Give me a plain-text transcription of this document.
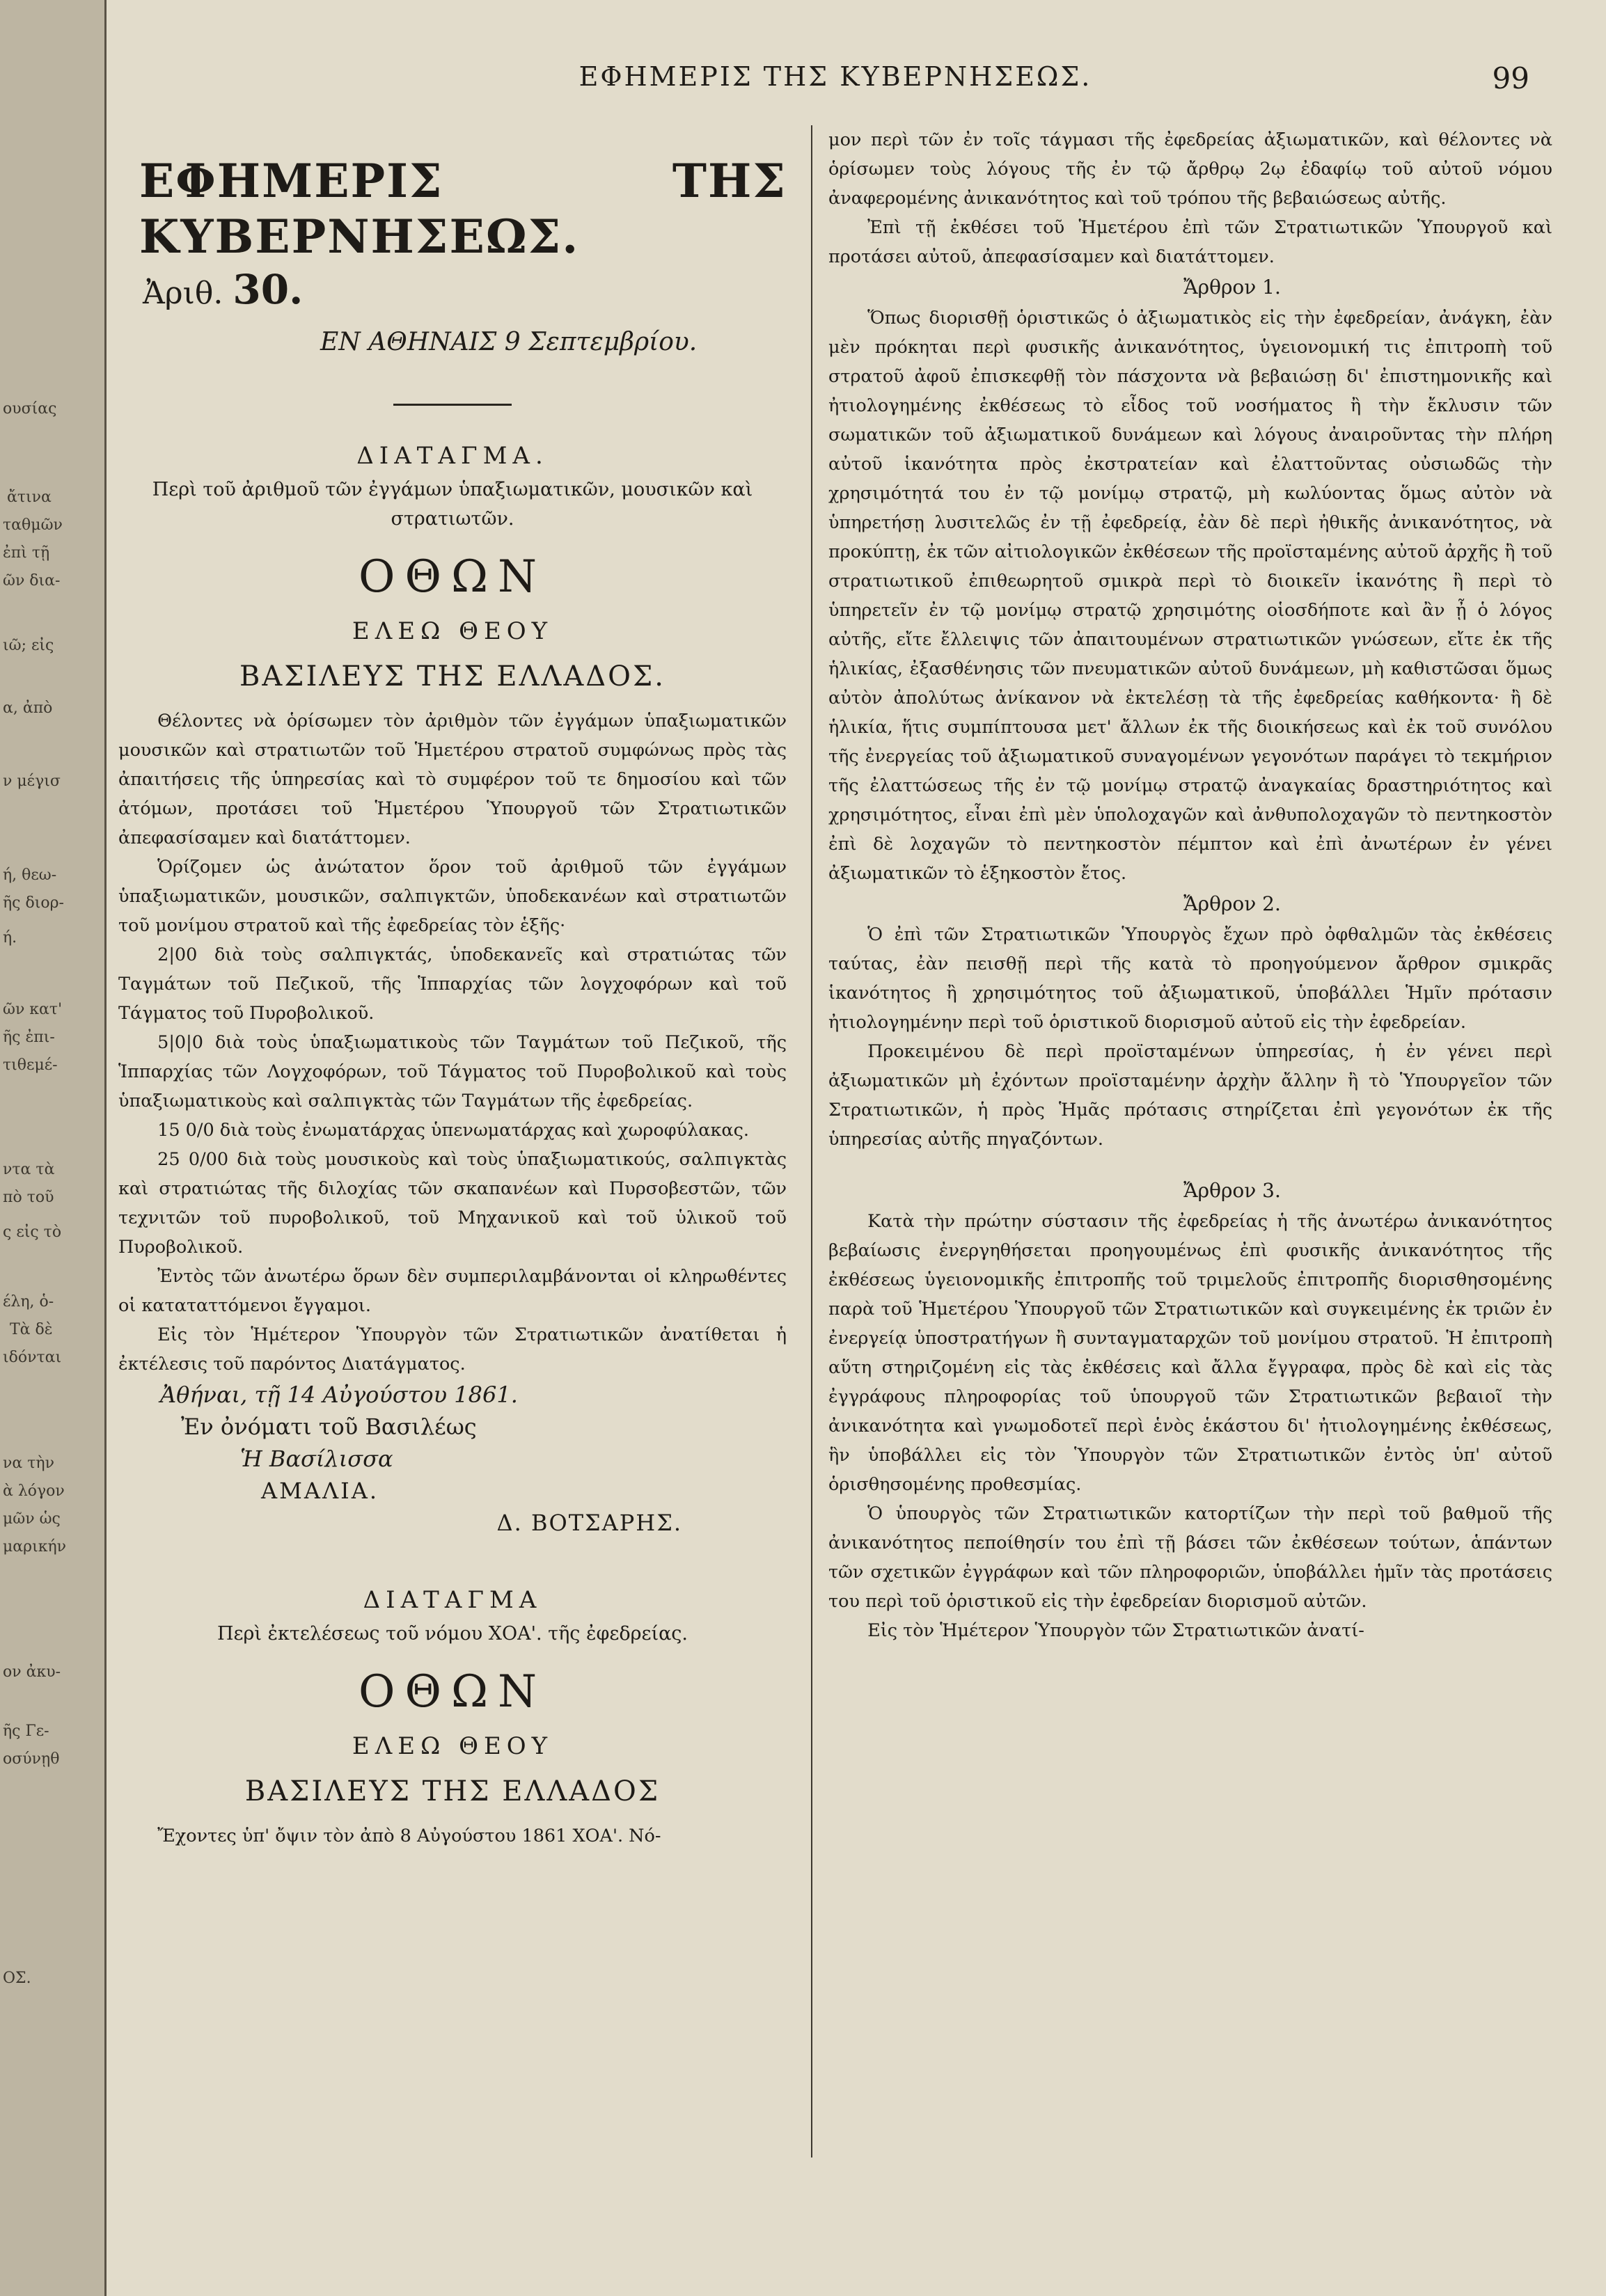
ουσίας
ἄτινα
ταθμῶν
ἐπὶ τῇ
ῶν δια-
ιῶ; εἰς
α, ἀπὸ
ν μέγισ
ή, θεω-
ῆς διορ-
ή.
ῶν κατ'
ῆς ἐπι-
τιθεμέ-
ντα τὰ
πὸ τοῦ
ς εἰς τὸ
έλη, ὁ-
Τὰ δὲ
ιδόνται
να τὴν
ὰ λόγον
μῶν ὡς
μαρικήν
ον ἀκυ-
ῆς Γε-
οσύνῃθ
ΟΣ.
ΕΦΗΜΕΡΙΣ ΤΗΣ ΚΥΒΕΡΝΗΣΕΩΣ.	99
ΕΦΗΜΕΡΙΣ ΤΗΣ ΚΥΒΕΡΝΗΣΕΩΣ.
Ἀριθ. 30.
ΕΝ ΑΘΗΝΑΙΣ 9 Σεπτεμβρίου.
ΔΙΑΤΑΓΜΑ.
Περὶ τοῦ ἀριθμοῦ τῶν ἐγγάμων ὑπαξιωματικῶν, μουσικῶν καὶ στρατιωτῶν.
ΟΘΩΝ
ΕΛΕΩ ΘΕΟΥ
ΒΑΣΙΛΕΥΣ ΤΗΣ ΕΛΛΑΔΟΣ.

Θέλοντες νὰ ὁρίσωμεν τὸν ἀριθμὸν τῶν ἐγγάμων ὑπαξιωματικῶν μουσικῶν καὶ στρατιωτῶν τοῦ Ἡμετέρου στρατοῦ συμφώνως πρὸς τὰς ἀπαιτήσεις τῆς ὑπηρεσίας καὶ τὸ συμφέρον τοῦ τε δημοσίου καὶ τῶν ἀτόμων, προτάσει τοῦ Ἡμετέρου Ὑπουργοῦ τῶν Στρατιωτικῶν ἀπεφασίσαμεν καὶ διατάττομεν.

Ὁρίζομεν ὡς ἀνώτατον ὅρον τοῦ ἀριθμοῦ τῶν ἐγγάμων ὑπαξιωματικῶν, μουσικῶν, σαλπιγκτῶν, ὑποδεκανέων καὶ στρατιωτῶν τοῦ μονίμου στρατοῦ καὶ τῆς ἐφεδρείας τὸν ἑξῆς·

2|00 διὰ τοὺς σαλπιγκτάς, ὑποδεκανεῖς καὶ στρατιώτας τῶν Ταγμάτων τοῦ Πεζικοῦ, τῆς Ἱππαρχίας τῶν λογχοφόρων καὶ τοῦ Τάγματος τοῦ Πυροβολικοῦ.

5|0|0 διὰ τοὺς ὑπαξιωματικοὺς τῶν Ταγμάτων τοῦ Πεζικοῦ, τῆς Ἱππαρχίας τῶν Λογχοφόρων, τοῦ Τάγματος τοῦ Πυροβολικοῦ καὶ τοὺς ὑπαξιωματικοὺς καὶ σαλπιγκτὰς τῶν Ταγμάτων τῆς ἐφεδρείας.

15 0/0 διὰ τοὺς ἐνωματάρχας ὑπενωματάρχας καὶ χωροφύλακας.

25 0/00 διὰ τοὺς μουσικοὺς καὶ τοὺς ὑπαξιωματικούς, σαλπιγκτὰς καὶ στρατιώτας τῆς διλοχίας τῶν σκαπανέων καὶ Πυρσοβεστῶν, τῶν τεχνιτῶν τοῦ πυροβολικοῦ, τοῦ Μηχανικοῦ καὶ τοῦ ὑλικοῦ τοῦ Πυροβολικοῦ.

Ἐντὸς τῶν ἀνωτέρω ὅρων δὲν συμπεριλαμβάνονται οἱ κληρωθέντες οἱ καταταττόμενοι ἔγγαμοι.

Εἰς τὸν Ἡμέτερον Ὑπουργὸν τῶν Στρατιωτικῶν ἀνατίθεται ἡ ἐκτέλεσις τοῦ παρόντος Διατάγματος.

Ἀθήναι, τῇ 14 Αὐγούστου 1861.
Ἐν ὀνόματι τοῦ Βασιλέως
Ἡ Βασίλισσα
ΑΜΑΛΙΑ.
Δ. ΒΟΤΣΑΡΗΣ.
ΔΙΑΤΑΓΜΑ
Περὶ ἐκτελέσεως τοῦ νόμου ΧΟΑ'. τῆς ἐφεδρείας.
ΟΘΩΝ
ΕΛΕΩ ΘΕΟΥ
ΒΑΣΙΛΕΥΣ ΤΗΣ ΕΛΛΑΔΟΣ

Ἔχοντες ὑπ' ὄψιν τὸν ἀπὸ 8 Αὐγούστου 1861 ΧΟΑ'. Νό-

μον περὶ τῶν ἐν τοῖς τάγμασι τῆς ἐφεδρείας ἀξιωματικῶν, καὶ θέλοντες νὰ ὁρίσωμεν τοὺς λόγους τῆς ἐν τῷ ἄρθρῳ 2ῳ ἐδαφίῳ τοῦ αὐτοῦ νόμου ἀναφερομένης ἀνικανότητος καὶ τοῦ τρόπου τῆς βεβαιώσεως αὐτῆς.

Ἐπὶ τῇ ἐκθέσει τοῦ Ἡμετέρου ἐπὶ τῶν Στρατιωτικῶν Ὑπουργοῦ καὶ προτάσει αὐτοῦ, ἀπεφασίσαμεν καὶ διατάττομεν.

Ἄρθρον 1.

Ὅπως διορισθῇ ὁριστικῶς ὁ ἀξιωματικὸς εἰς τὴν ἐφεδρείαν, ἀνάγκη, ἐὰν μὲν πρόκηται περὶ φυσικῆς ἀνικανότητος, ὑγειονομική τις ἐπιτροπὴ τοῦ στρατοῦ ἀφοῦ ἐπισκεφθῇ τὸν πάσχοντα νὰ βεβαιώσῃ δι' ἐπιστημονικῆς καὶ ἠτιολογημένης ἐκθέσεως τὸ εἶδος τοῦ νοσήματος ἢ τὴν ἔκλυσιν τῶν σωματικῶν τοῦ ἀξιωματικοῦ δυνάμεων καὶ λόγους ἀναιροῦντας τὴν πλήρη αὐτοῦ ἱκανότητα πρὸς ἐκστρατείαν καὶ ἐλαττοῦντας οὐσιωδῶς τὴν χρησιμότητά του ἐν τῷ μονίμῳ στρατῷ, μὴ κωλύοντας ὅμως αὐτὸν νὰ ὑπηρετήσῃ λυσιτελῶς ἐν τῇ ἐφεδρείᾳ, ἐὰν δὲ περὶ ἠθικῆς ἀνικανότητος, νὰ προκύπτῃ, ἐκ τῶν αἰτιολογικῶν ἐκθέσεων τῆς προϊσταμένης αὐτοῦ ἀρχῆς ἢ τοῦ στρατιωτικοῦ ἐπιθεωρητοῦ σμικρὰ περὶ τὸ διοικεῖν ἱκανότης ἢ περὶ τὸ ὑπηρετεῖν ἐν τῷ μονίμῳ στρατῷ χρησιμότης οἱοσδήποτε καὶ ἂν ᾖ ὁ λόγος αὐτῆς, εἴτε ἔλλειψις τῶν ἀπαιτουμένων στρατιωτικῶν γνώσεων, εἴτε ἐκ τῆς ἡλικίας, ἐξασθένησις τῶν πνευματικῶν αὐτοῦ δυνάμεων, μὴ καθιστῶσαι ὅμως αὐτὸν ἀπολύτως ἀνίκανον νὰ ἐκτελέσῃ τὰ τῆς ἐφεδρείας καθήκοντα· ἢ δὲ ἡλικία, ἥτις συμπίπτουσα μετ' ἄλλων ἐκ τῆς διοικήσεως καὶ ἐκ τοῦ συνόλου τῆς ἐνεργείας τοῦ ἀξιωματικοῦ συναγομένων γεγονότων παράγει τὸ τεκμήριον τῆς ἐλαττώσεως τῆς ἐν τῷ μονίμῳ στρατῷ ἀναγκαίας δραστηριότητος καὶ χρησιμότητος, εἶναι ἐπὶ μὲν ὑπολοχαγῶν καὶ ἀνθυπολοχαγῶν τὸ πεντηκοστὸν ἐπὶ δὲ λοχαγῶν τὸ πεντηκοστὸν πέμπτον καὶ ἐπὶ ἀνωτέρων ἐν γένει ἀξιωματικῶν τὸ ἑξηκοστὸν ἔτος.

Ἄρθρον 2.

Ὁ ἐπὶ τῶν Στρατιωτικῶν Ὑπουργὸς ἔχων πρὸ ὀφθαλμῶν τὰς ἐκθέσεις ταύτας, ἐὰν πεισθῇ περὶ τῆς κατὰ τὸ προηγούμενον ἄρθρον σμικρᾶς ἱκανότητος ἢ χρησιμότητος τοῦ ἀξιωματικοῦ, ὑποβάλλει Ἡμῖν πρότασιν ἠτιολογημένην περὶ τοῦ ὁριστικοῦ διορισμοῦ αὐτοῦ εἰς τὴν ἐφεδρείαν.

Προκειμένου δὲ περὶ προϊσταμένων ὑπηρεσίας, ἡ ἐν γένει περὶ ἀξιωματικῶν μὴ ἐχόντων προϊσταμένην ἀρχὴν ἄλλην ἢ τὸ Ὑπουργεῖον τῶν Στρατιωτικῶν, ἡ πρὸς Ἡμᾶς πρότασις στηρίζεται ἐπὶ γεγονότων ἐκ τῆς ὑπηρεσίας αὐτῆς πηγαζόντων.

Ἄρθρον 3.

Κατὰ τὴν πρώτην σύστασιν τῆς ἐφεδρείας ἡ τῆς ἀνωτέρω ἀνικανότητος βεβαίωσις ἐνεργηθήσεται προηγουμένως ἐπὶ φυσικῆς ἀνικανότητος τῆς ἐκθέσεως ὑγειονομικῆς ἐπιτροπῆς τοῦ τριμελοῦς ἐπιτροπῆς διορισθησομένης παρὰ τοῦ Ἡμετέρου Ὑπουργοῦ τῶν Στρατιωτικῶν καὶ συγκειμένης ἐκ τριῶν ἐν ἐνεργείᾳ ὑποστρατήγων ἢ συνταγματαρχῶν τοῦ μονίμου στρατοῦ. Ἡ ἐπιτροπὴ αὕτη στηριζομένη εἰς τὰς ἐκθέσεις καὶ ἄλλα ἔγγραφα, πρὸς δὲ καὶ εἰς τὰς ἐγγράφους πληροφορίας τοῦ ὑπουργοῦ τῶν Στρατιωτικῶν βεβαιοῖ τὴν ἀνικανότητα καὶ γνωμοδοτεῖ περὶ ἑνὸς ἑκάστου δι' ἠτιολογημένης ἐκθέσεως, ἣν ὑποβάλλει εἰς τὸν Ὑπουργὸν τῶν Στρατιωτικῶν ἐντὸς ὑπ' αὐτοῦ ὁρισθησομένης προθεσμίας.

Ὁ ὑπουργὸς τῶν Στρατιωτικῶν κατορτίζων τὴν περὶ τοῦ βαθμοῦ τῆς ἀνικανότητος πεποίθησίν του ἐπὶ τῇ βάσει τῶν ἐκθέσεων τούτων, ἁπάντων τῶν σχετικῶν ἐγγράφων καὶ τῶν πληροφοριῶν, ὑποβάλλει ἡμῖν τὰς προτάσεις του περὶ τοῦ ὁριστικοῦ εἰς τὴν ἐφεδρείαν διορισμοῦ αὐτῶν.

Εἰς τὸν Ἡμέτερον Ὑπουργὸν τῶν Στρατιωτικῶν ἀνατί-
